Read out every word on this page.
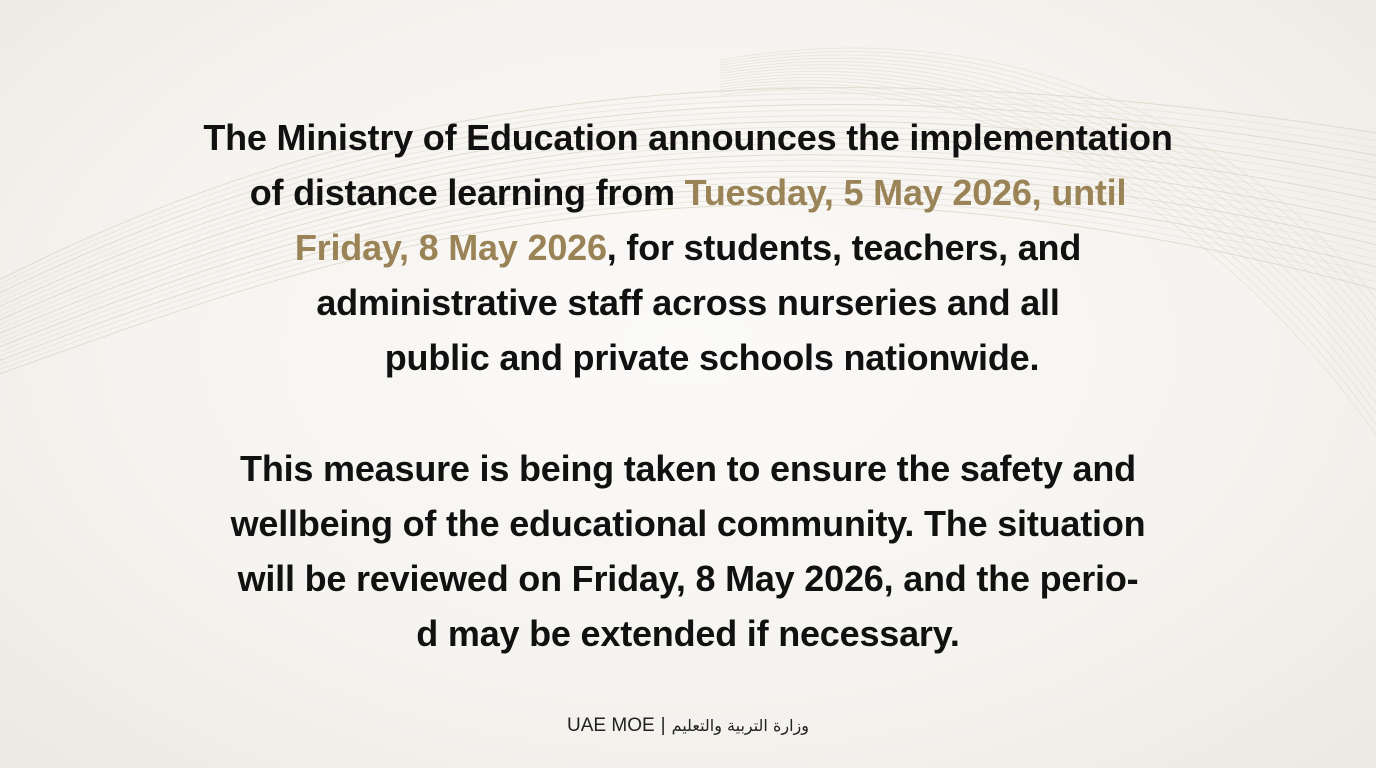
The Ministry of Education announces the implementation
of distance learning from Tuesday, 5 May 2026, until
Friday, 8 May 2026, for students, teachers, and
administrative staff across nurseries and all
public and private schools nationwide.

This measure is being taken to ensure the safety and
wellbeing of the educational community. The situation
will be reviewed on Friday, 8 May 2026, and the perio-
d may be extended if necessary.

UAE MOE | وزارة التربية والتعليم
